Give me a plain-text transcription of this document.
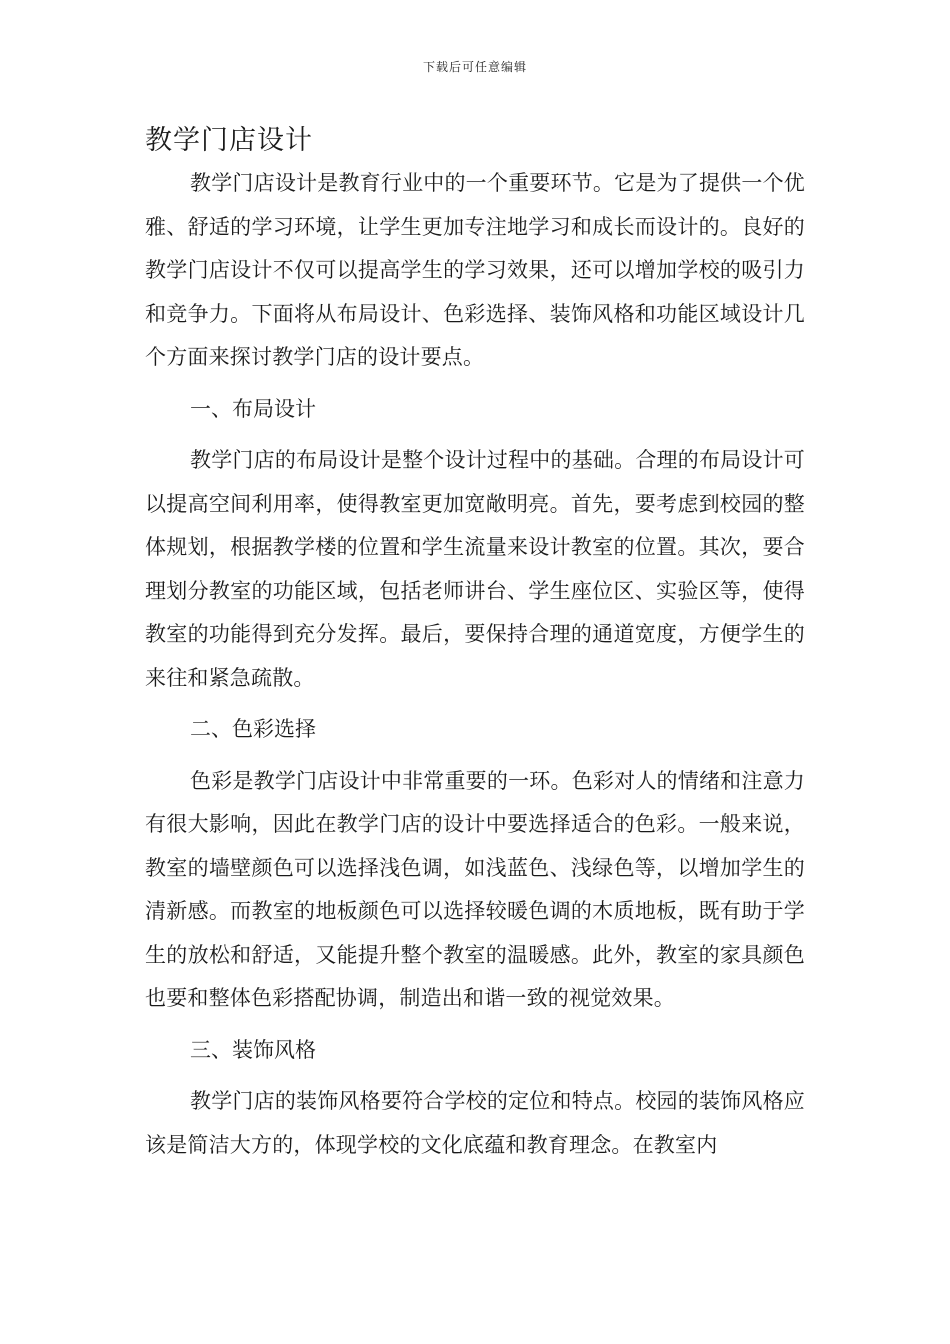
下载后可任意编辑
教学门店设计

教学门店设计是教育行业中的一个重要环节。它是为了提供一个优雅、舒适的学习环境，让学生更加专注地学习和成长而设计的。良好的教学门店设计不仅可以提高学生的学习效果，还可以增加学校的吸引力和竞争力。下面将从布局设计、色彩选择、装饰风格和功能区域设计几个方面来探讨教学门店的设计要点。

一、布局设计

教学门店的布局设计是整个设计过程中的基础。合理的布局设计可以提高空间利用率，使得教室更加宽敞明亮。首先，要考虑到校园的整体规划，根据教学楼的位置和学生流量来设计教室的位置。其次，要合理划分教室的功能区域，包括老师讲台、学生座位区、实验区等，使得教室的功能得到充分发挥。最后，要保持合理的通道宽度，方便学生的来往和紧急疏散。

二、色彩选择

色彩是教学门店设计中非常重要的一环。色彩对人的情绪和注意力有很大影响，因此在教学门店的设计中要选择适合的色彩。一般来说，教室的墙壁颜色可以选择浅色调，如浅蓝色、浅绿色等，以增加学生的清新感。而教室的地板颜色可以选择较暖色调的木质地板，既有助于学生的放松和舒适，又能提升整个教室的温暖感。此外，教室的家具颜色也要和整体色彩搭配协调，制造出和谐一致的视觉效果。

三、装饰风格

教学门店的装饰风格要符合学校的定位和特点。校园的装饰风格应该是简洁大方的，体现学校的文化底蕴和教育理念。在教室内
